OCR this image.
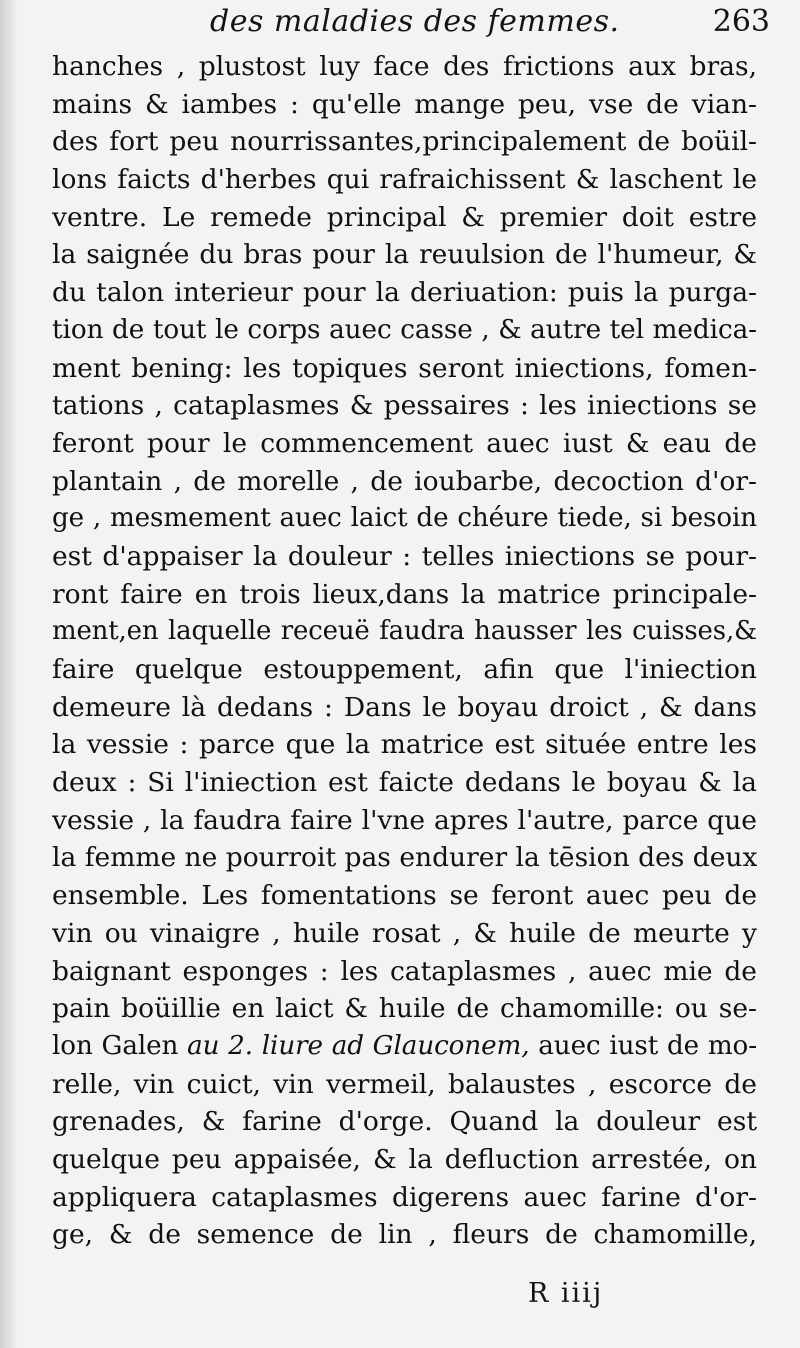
des maladies des femmes.	263
hanches , plustost luy face des frictions aux bras,
mains & iambes : qu'elle mange peu, vse de vian-
des fort peu nourrissantes,principalement de boüil-
lons faicts d'herbes qui rafraichissent & laschent le
ventre. Le remede principal & premier doit estre
la saignée du bras pour la reuulsion de l'humeur, &
du talon interieur pour la deriuation: puis la purga-
tion de tout le corps auec casse , & autre tel medica-
ment bening: les topiques seront iniections, fomen-
tations , cataplasmes & pessaires : les iniections se
feront pour le commencement auec iust & eau de
plantain , de morelle , de ioubarbe, decoction d'or-
ge , mesmement auec laict de chéure tiede, si besoin
est d'appaiser la douleur : telles iniections se pour-
ront faire en trois lieux,dans la matrice principale-
ment,en laquelle receuë faudra hausser les cuisses,&
faire quelque estouppement, afin que l'iniection
demeure là dedans : Dans le boyau droict , & dans
la vessie : parce que la matrice est située entre les
deux : Si l'iniection est faicte dedans le boyau & la
vessie , la faudra faire l'vne apres l'autre, parce que
la femme ne pourroit pas endurer la tēsion des deux
ensemble. Les fomentations se feront auec peu de
vin ou vinaigre , huile rosat , & huile de meurte y
baignant esponges : les cataplasmes , auec mie de
pain boüillie en laict & huile de chamomille: ou se-
lon Galen au 2. liure ad Glauconem, auec iust de mo-
relle, vin cuict, vin vermeil, balaustes , escorce de
grenades, & farine d'orge. Quand la douleur est
quelque peu appaisée, & la defluction arrestée, on
appliquera cataplasmes digerens auec farine d'or-
ge, & de semence de lin , fleurs de chamomille,
R iiij
